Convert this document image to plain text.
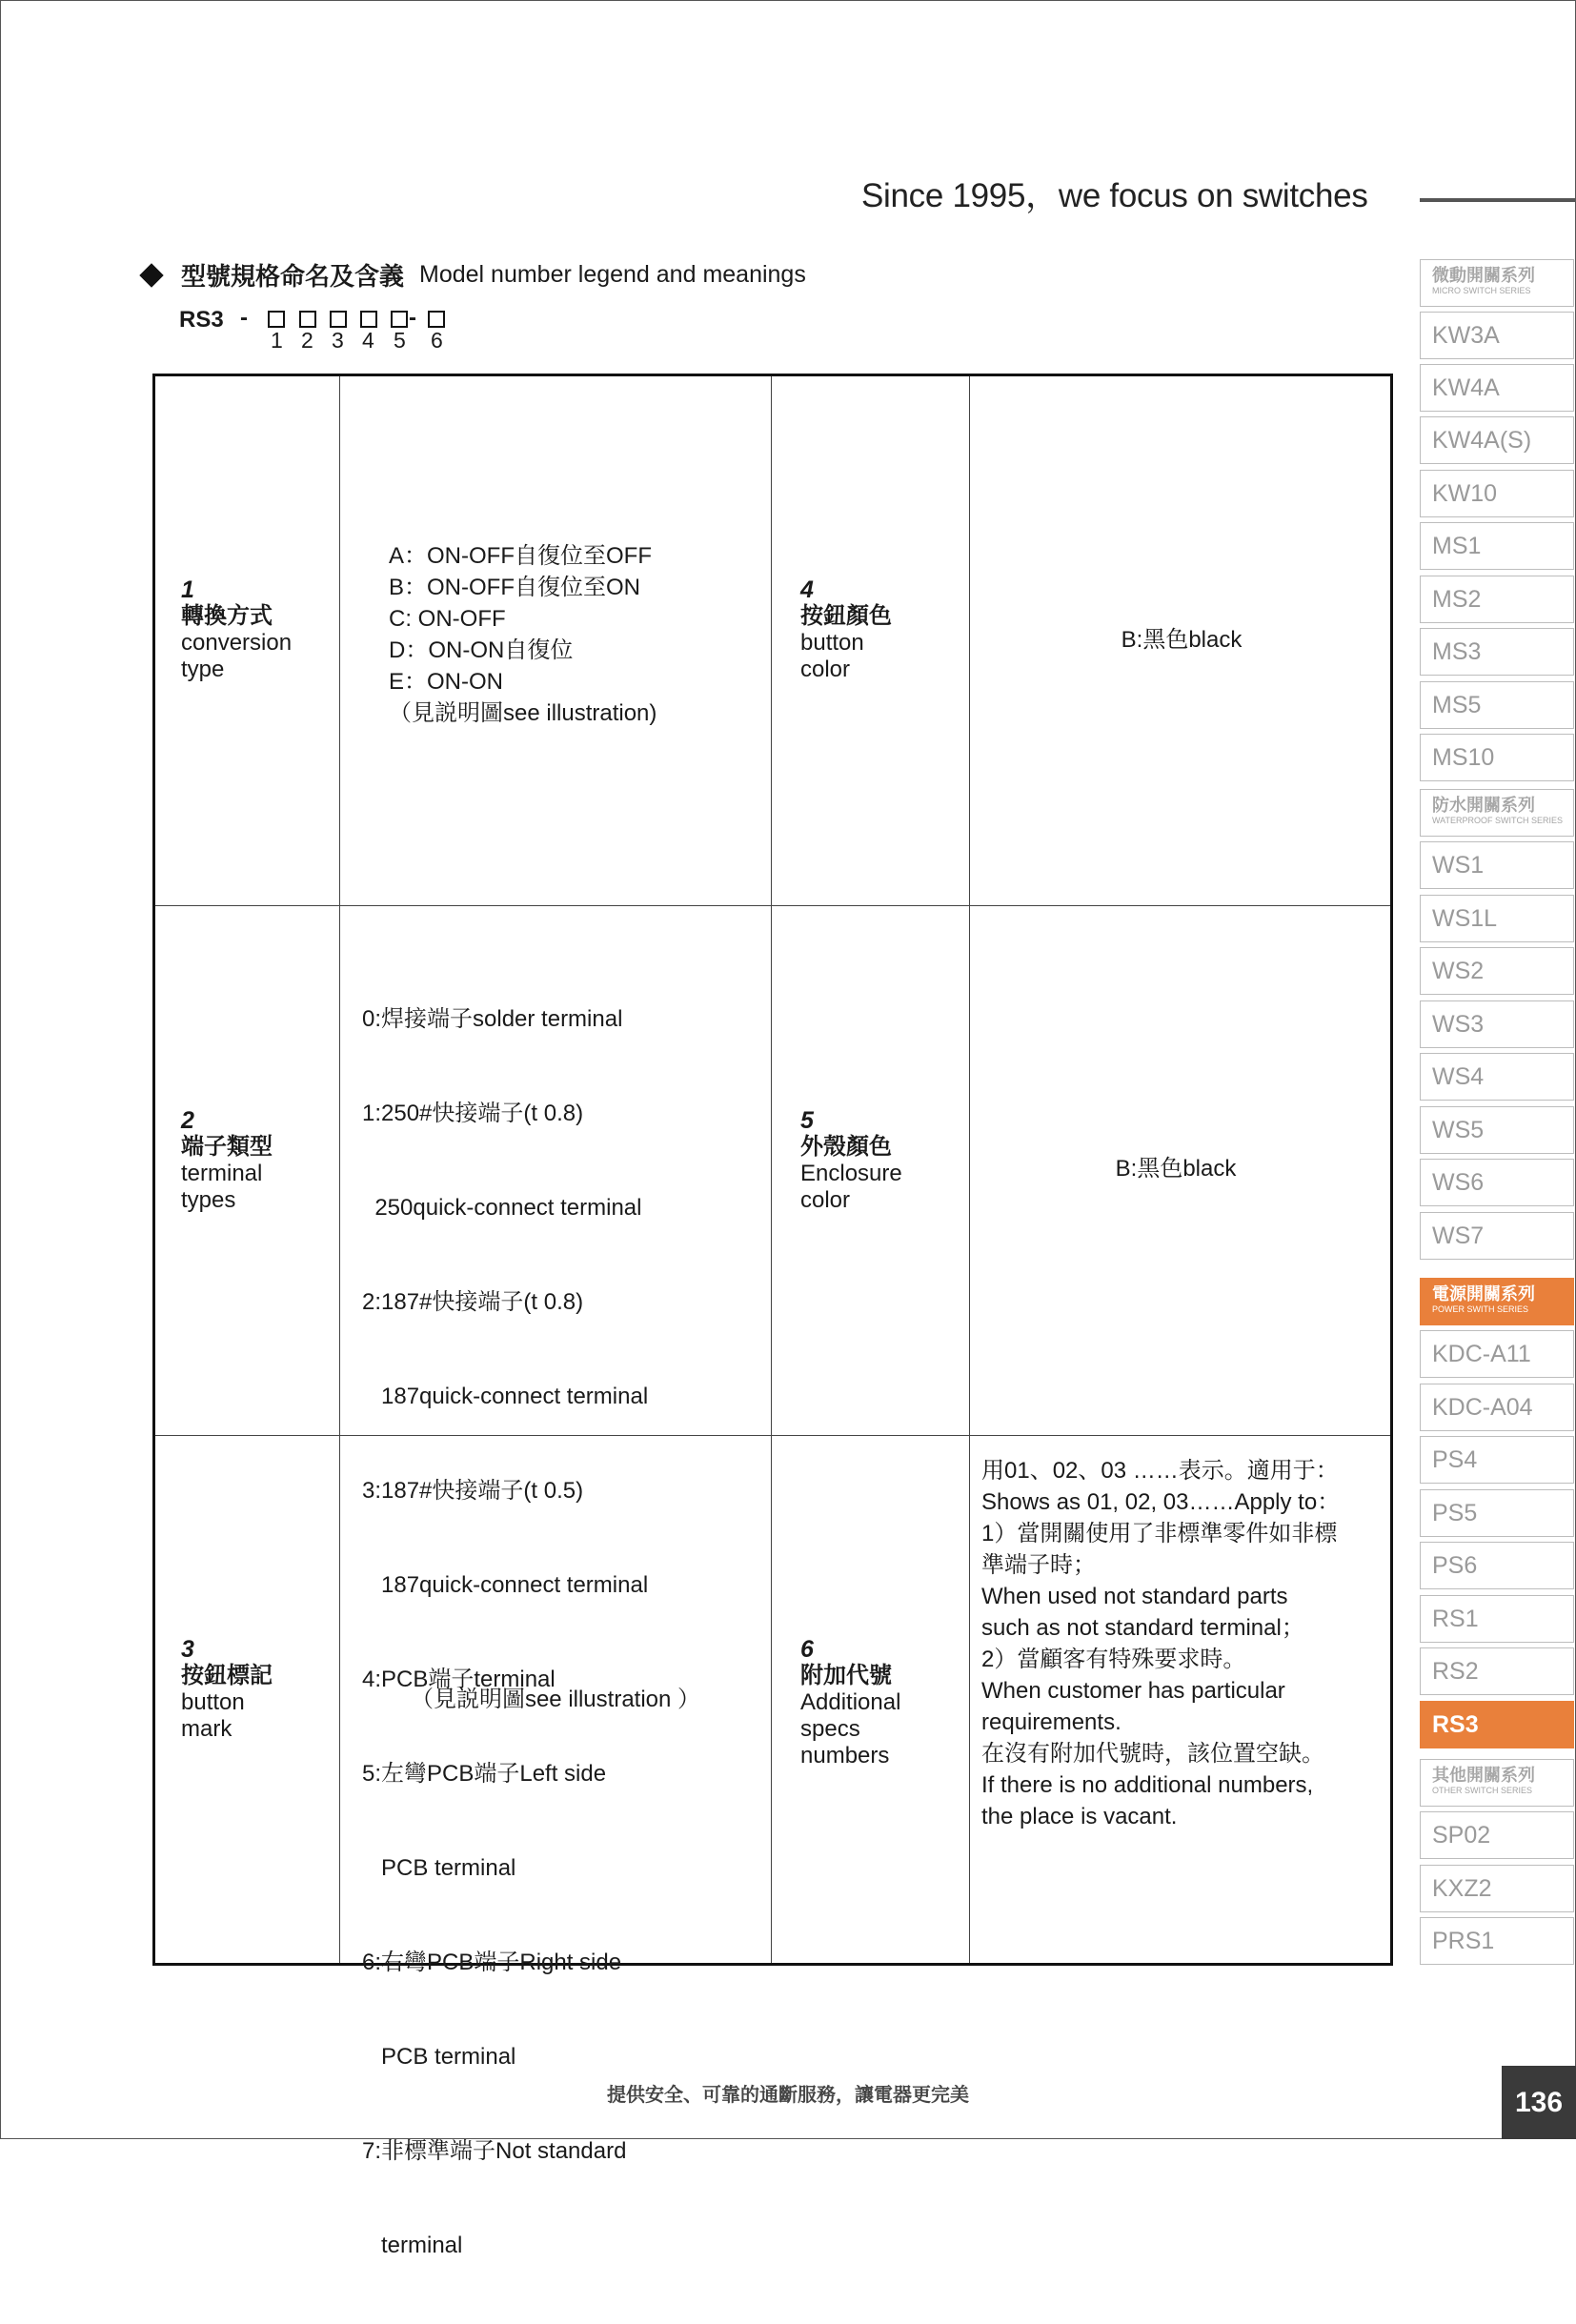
Since 1995，we focus on switches
型號規格命名及含義 Model number legend and meanings
RS3 -	-
1 2 3 4 5 6
1
轉換方式
conversion
type
A：ON-OFF自復位至OFF
B：ON-OFF自復位至ON
C: ON-OFF
D：ON-ON自復位
E：ON-ON
（見説明圖see illustration)
4
按鈕顏色
button
color
B:黑色black
2
端子類型
terminal
types

0:焊接端子solder terminal

1:250#快接端子(t 0.8)

250quick-connect terminal

2:187#快接端子(t 0.8)

187quick-connect terminal

3:187#快接端子(t 0.5)

187quick-connect terminal

4:PCB端子terminal

5:左彎PCB端子Left side

PCB terminal

6:右彎PCB端子Right side

PCB terminal

7:非標準端子Not standard

terminal

5
外殼顏色
Enclosure
color
B:黑色black
3
按鈕標記
button
mark
（見説明圖see illustration ）
6
附加代號
Additional
specs
numbers
用01、02、03 ……表示。適用于：
Shows as 01, 02, 03……Apply to：
1）當開關使用了非標準零件如非標
準端子時；
When used not standard parts
such as not standard terminal；
2）當顧客有特殊要求時。
When customer has particular
requirements.
在沒有附加代號時，該位置空缺。
If there is no additional numbers,
the place is vacant.
微動開關系列
MICRO SWITCH SERIES
KW3A
KW4A
KW4A(S)
KW10
MS1
MS2
MS3
MS5
MS10
防水開關系列
WATERPROOF SWITCH SERIES
WS1
WS1L
WS2
WS3
WS4
WS5
WS6
WS7
電源開關系列
POWER SWITH SERIES
KDC-A11
KDC-A04
PS4
PS5
PS6
RS1
RS2
RS3
其他開關系列
OTHER SWITCH SERIES
SP02
KXZ2
PRS1
提供安全、可靠的通斷服務，讓電器更完美	136
